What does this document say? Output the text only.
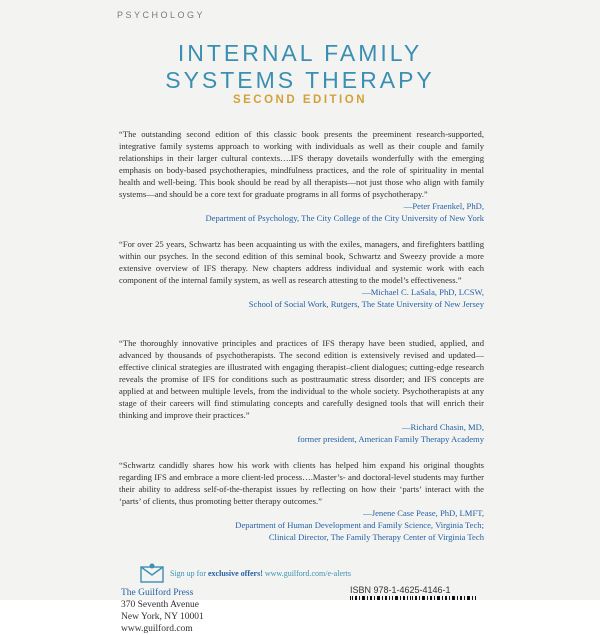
PSYCHOLOGY
INTERNAL FAMILY
SYSTEMS THERAPY
SECOND EDITION

“The outstanding second edition of this classic book presents the preeminent research-supported, integrative family systems approach to working with individuals as well as their couple and family relationships in their larger cultural contexts….IFS therapy dovetails wonderfully with the emerging emphasis on body-based psychotherapies, mindfulness practices, and the role of spirituality in mental health and well-being. This book should be read by all therapists—not just those who align with family systems—and should be a core text for graduate programs in all forms of psychotherapy.”

—Peter Fraenkel, PhD,
Department of Psychology, The City College of the City University of New York

“For over 25 years, Schwartz has been acquainting us with the exiles, managers, and firefighters battling within our psyches. In the second edition of this seminal book, Schwartz and Sweezy provide a more extensive overview of IFS therapy. New chapters address individual and systemic work with each component of the internal family system, as well as research attesting to the model’s effectiveness.”

—Michael C. LaSala, PhD, LCSW,
School of Social Work, Rutgers, The State University of New Jersey

“The thoroughly innovative principles and practices of IFS therapy have been studied, applied, and advanced by thousands of psychotherapists. The second edition is extensively revised and updated—effective clinical strategies are illustrated with engaging therapist–client dialogues; cutting-edge research reveals the promise of IFS for conditions such as posttraumatic stress disorder; and IFS concepts are applied at and between multiple levels, from the individual to the whole society. Psychotherapists at any stage of their careers will find stimulating concepts and carefully designed tools that will enrich their thinking and improve their practices.”

—Richard Chasin, MD,
former president, American Family Therapy Academy

“Schwartz candidly shares how his work with clients has helped him expand his original thoughts regarding IFS and embrace a more client-led process….Master’s- and doctoral-level students may further their ability to address self-of-the-therapist issues by reflecting on how their ‘parts’ interact with the ‘parts’ of clients, thus promoting better therapy outcomes.”

—Jenene Case Pease, PhD, LMFT,
Department of Human Development and Family Science, Virginia Tech;
Clinical Director, The Family Therapy Center of Virginia Tech
Sign up for exclusive offers! www.guilford.com/e-alerts
The Guilford Press
370 Seventh Avenue
New York, NY 10001
www.guilford.com
ISBN 978-1-4625-4146-1
